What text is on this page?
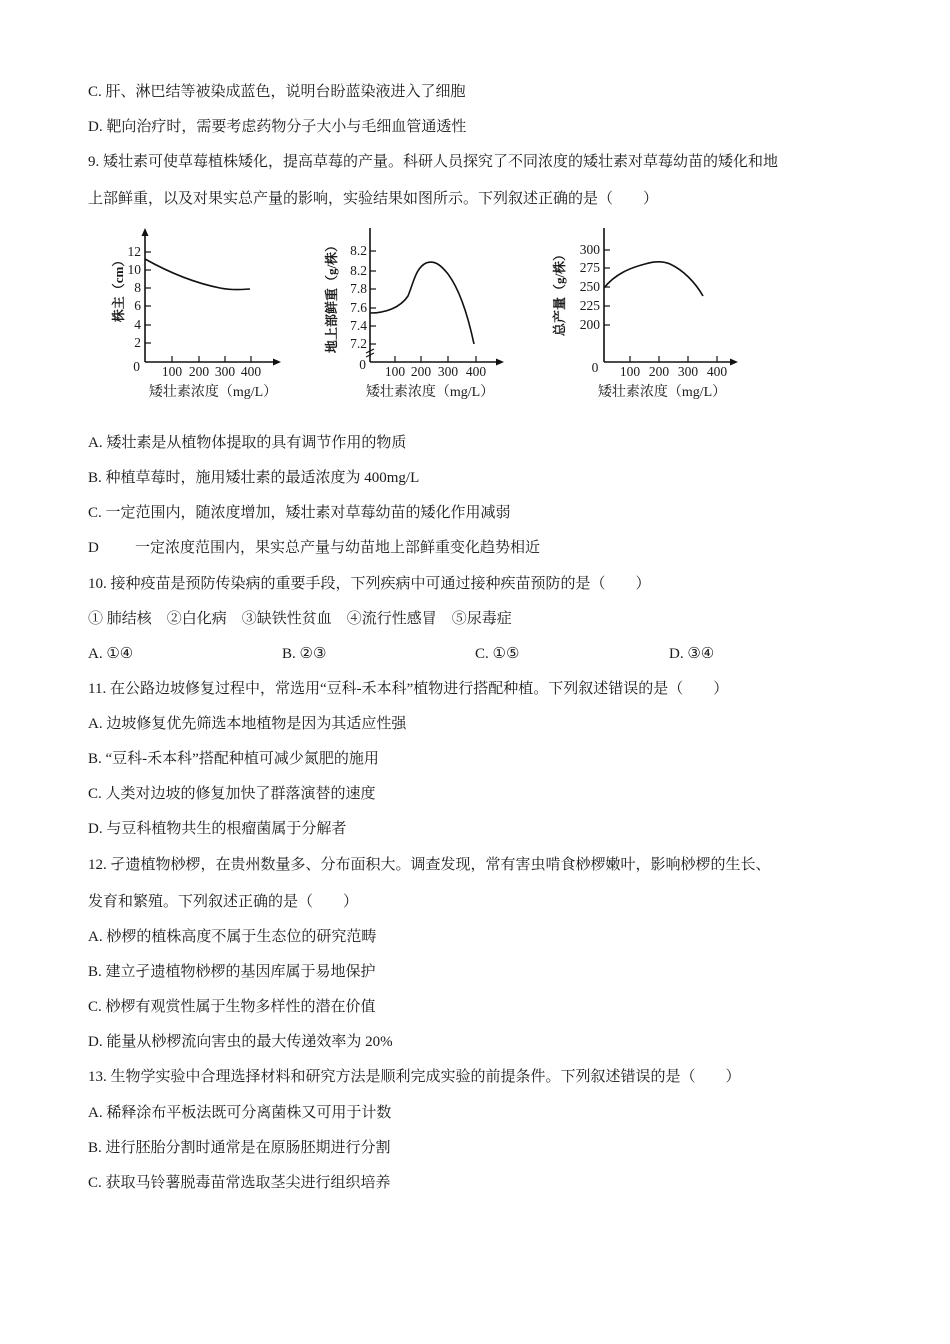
C. 肝、淋巴结等被染成蓝色，说明台盼蓝染液进入了细胞
D. 靶向治疗时，需要考虑药物分子大小与毛细血管通透性
9. 矮壮素可使草莓植株矮化，提高草莓的产量。科研人员探究了不同浓度的矮壮素对草莓幼苗的矮化和地
上部鲜重，以及对果实总产量的影响，实验结果如图所示。下列叙述正确的是（　　）
株主（cm）
2
4
6
8
10
12
0 100 200 300 400
矮壮素浓度（mg/L）
地上部鲜重（g/株） 7.2
7.4
7.6
7.8
8.2
8.2
0 100 200 300 400
矮壮素浓度（mg/L）
总产量（g/株） 200
225
250
275
300
0 100 200 300 400
矮壮素浓度（mg/L）
A. 矮壮素是从植物体提取的具有调节作用的物质
B. 种植草莓时，施用矮壮素的最适浓度为 400mg/L
C. 一定范围内，随浓度增加，矮壮素对草莓幼苗的矮化作用减弱
D 一定浓度范围内，果实总产量与幼苗地上部鲜重变化趋势相近
10. 接种疫苗是预防传染病的重要手段，下列疾病中可通过接种疾苗预防的是（　　）
① 肺结核　②白化病　③缺铁性贫血　④流行性感冒　⑤尿毒症
A. ①④	B. ②③	C. ①⑤	D. ③④
11. 在公路边坡修复过程中，常选用“豆科-禾本科”植物进行搭配种植。下列叙述错误的是（　　）
A. 边坡修复优先筛选本地植物是因为其适应性强
B. “豆科-禾本科”搭配种植可减少氮肥的施用
C. 人类对边坡的修复加快了群落演替的速度
D. 与豆科植物共生的根瘤菌属于分解者
12. 孑遗植物桫椤，在贵州数量多、分布面积大。调查发现，常有害虫啃食桫椤嫩叶，影响桫椤的生长、
发育和繁殖。下列叙述正确的是（　　）
A. 桫椤的植株高度不属于生态位的研究范畴
B. 建立孑遗植物桫椤的基因库属于易地保护
C. 桫椤有观赏性属于生物多样性的潜在价值
D. 能量从桫椤流向害虫的最大传递效率为 20%
13. 生物学实验中合理选择材料和研究方法是顺利完成实验的前提条件。下列叙述错误的是（　　）
A. 稀释涂布平板法既可分离菌株又可用于计数
B. 进行胚胎分割时通常是在原肠胚期进行分割
C. 获取马铃薯脱毒苗常选取茎尖进行组织培养
